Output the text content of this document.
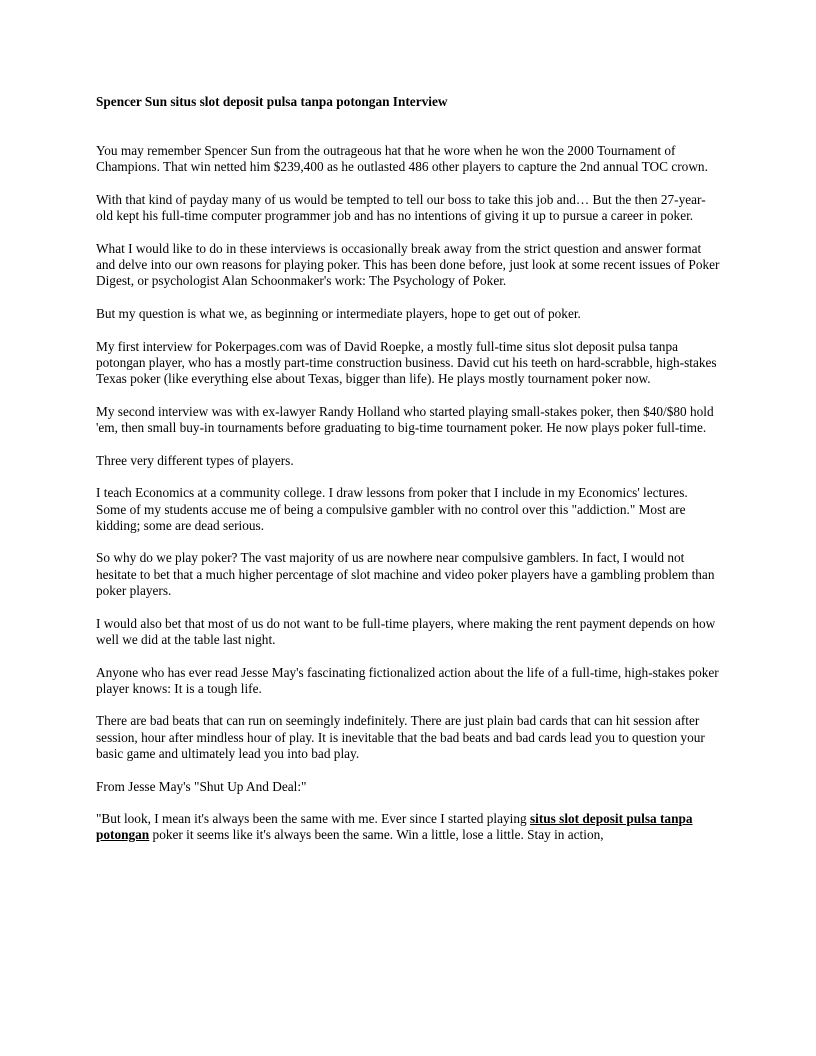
Spencer Sun situs slot deposit pulsa tanpa potongan Interview

You may remember Spencer Sun from the outrageous hat that he wore when he won the 2000 Tournament of Champions. That win netted him $239,400 as he outlasted 486 other players to capture the 2nd annual TOC crown.

With that kind of payday many of us would be tempted to tell our boss to take this job and… But the then 27-year-old kept his full-time computer programmer job and has no intentions of giving it up to pursue a career in poker.

What I would like to do in these interviews is occasionally break away from the strict question and answer format and delve into our own reasons for playing poker. This has been done before, just look at some recent issues of Poker Digest, or psychologist Alan Schoonmaker's work: The Psychology of Poker.

But my question is what we, as beginning or intermediate players, hope to get out of poker.

My first interview for Pokerpages.com was of David Roepke, a mostly full-time situs slot deposit pulsa tanpa potongan player, who has a mostly part-time construction business. David cut his teeth on hard-scrabble, high-stakes Texas poker (like everything else about Texas, bigger than life). He plays mostly tournament poker now.

My second interview was with ex-lawyer Randy Holland who started playing small-stakes poker, then $40/$80 hold 'em, then small buy-in tournaments before graduating to big-time tournament poker. He now plays poker full-time.

Three very different types of players.

I teach Economics at a community college. I draw lessons from poker that I include in my Economics' lectures. Some of my students accuse me of being a compulsive gambler with no control over this "addiction." Most are kidding; some are dead serious.

So why do we play poker? The vast majority of us are nowhere near compulsive gamblers. In fact, I would not hesitate to bet that a much higher percentage of slot machine and video poker players have a gambling problem than poker players.

I would also bet that most of us do not want to be full-time players, where making the rent payment depends on how well we did at the table last night.

Anyone who has ever read Jesse May's fascinating fictionalized action about the life of a full-time, high-stakes poker player knows: It is a tough life.

There are bad beats that can run on seemingly indefinitely. There are just plain bad cards that can hit session after session, hour after mindless hour of play. It is inevitable that the bad beats and bad cards lead you to question your basic game and ultimately lead you into bad play.

From Jesse May's "Shut Up And Deal:"

"But look, I mean it's always been the same with me. Ever since I started playing situs slot deposit pulsa tanpa potongan poker it seems like it's always been the same. Win a little, lose a little. Stay in action,
